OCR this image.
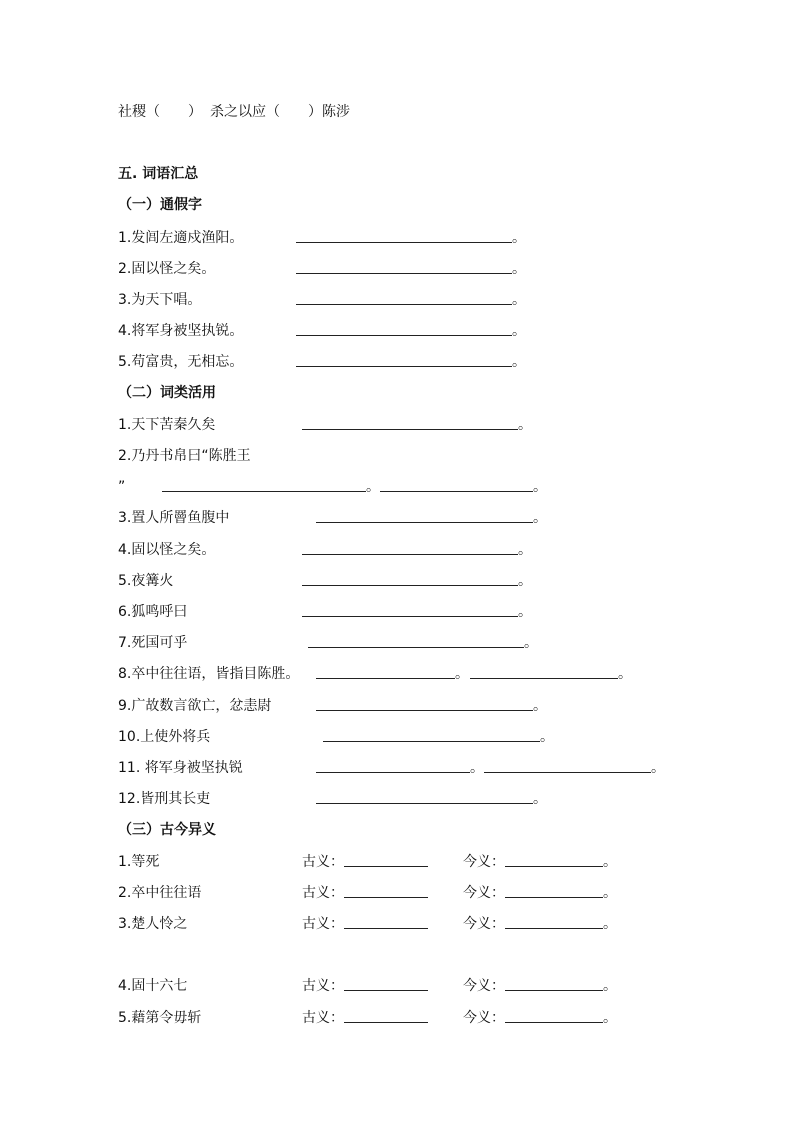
社稷（　　） 杀之以应（　　）陈涉
五. 词语汇总
（一）通假字
1.发闾左適戍渔阳。	。
2.固以怪之矣。	。
3.为天下唱。	。
4.将军身被坚执锐。	。
5.苟富贵，无相忘。	。
（二）词类活用
1.天下苦秦久矣	。
2.乃丹书帛曰“陈胜王
”	。	。
3.置人所罾鱼腹中	。
4.固以怪之矣。	。
5.夜篝火	。
6.狐鸣呼曰	。
7.死国可乎	。
8.卒中往往语，皆指目陈胜。	。	。
9.广故数言欲亡，忿恚尉	。
10.上使外将兵	。
11. 将军身被坚执锐	。	。
12.皆刑其长吏	。
（三）古今异义
1.等死	古义：	今义：	。
2.卒中往往语	古义：	今义：	。
3.楚人怜之	古义：	今义：	。
4.固十六七	古义：	今义：	。
5.藉第令毋斩	古义：	今义：	。
